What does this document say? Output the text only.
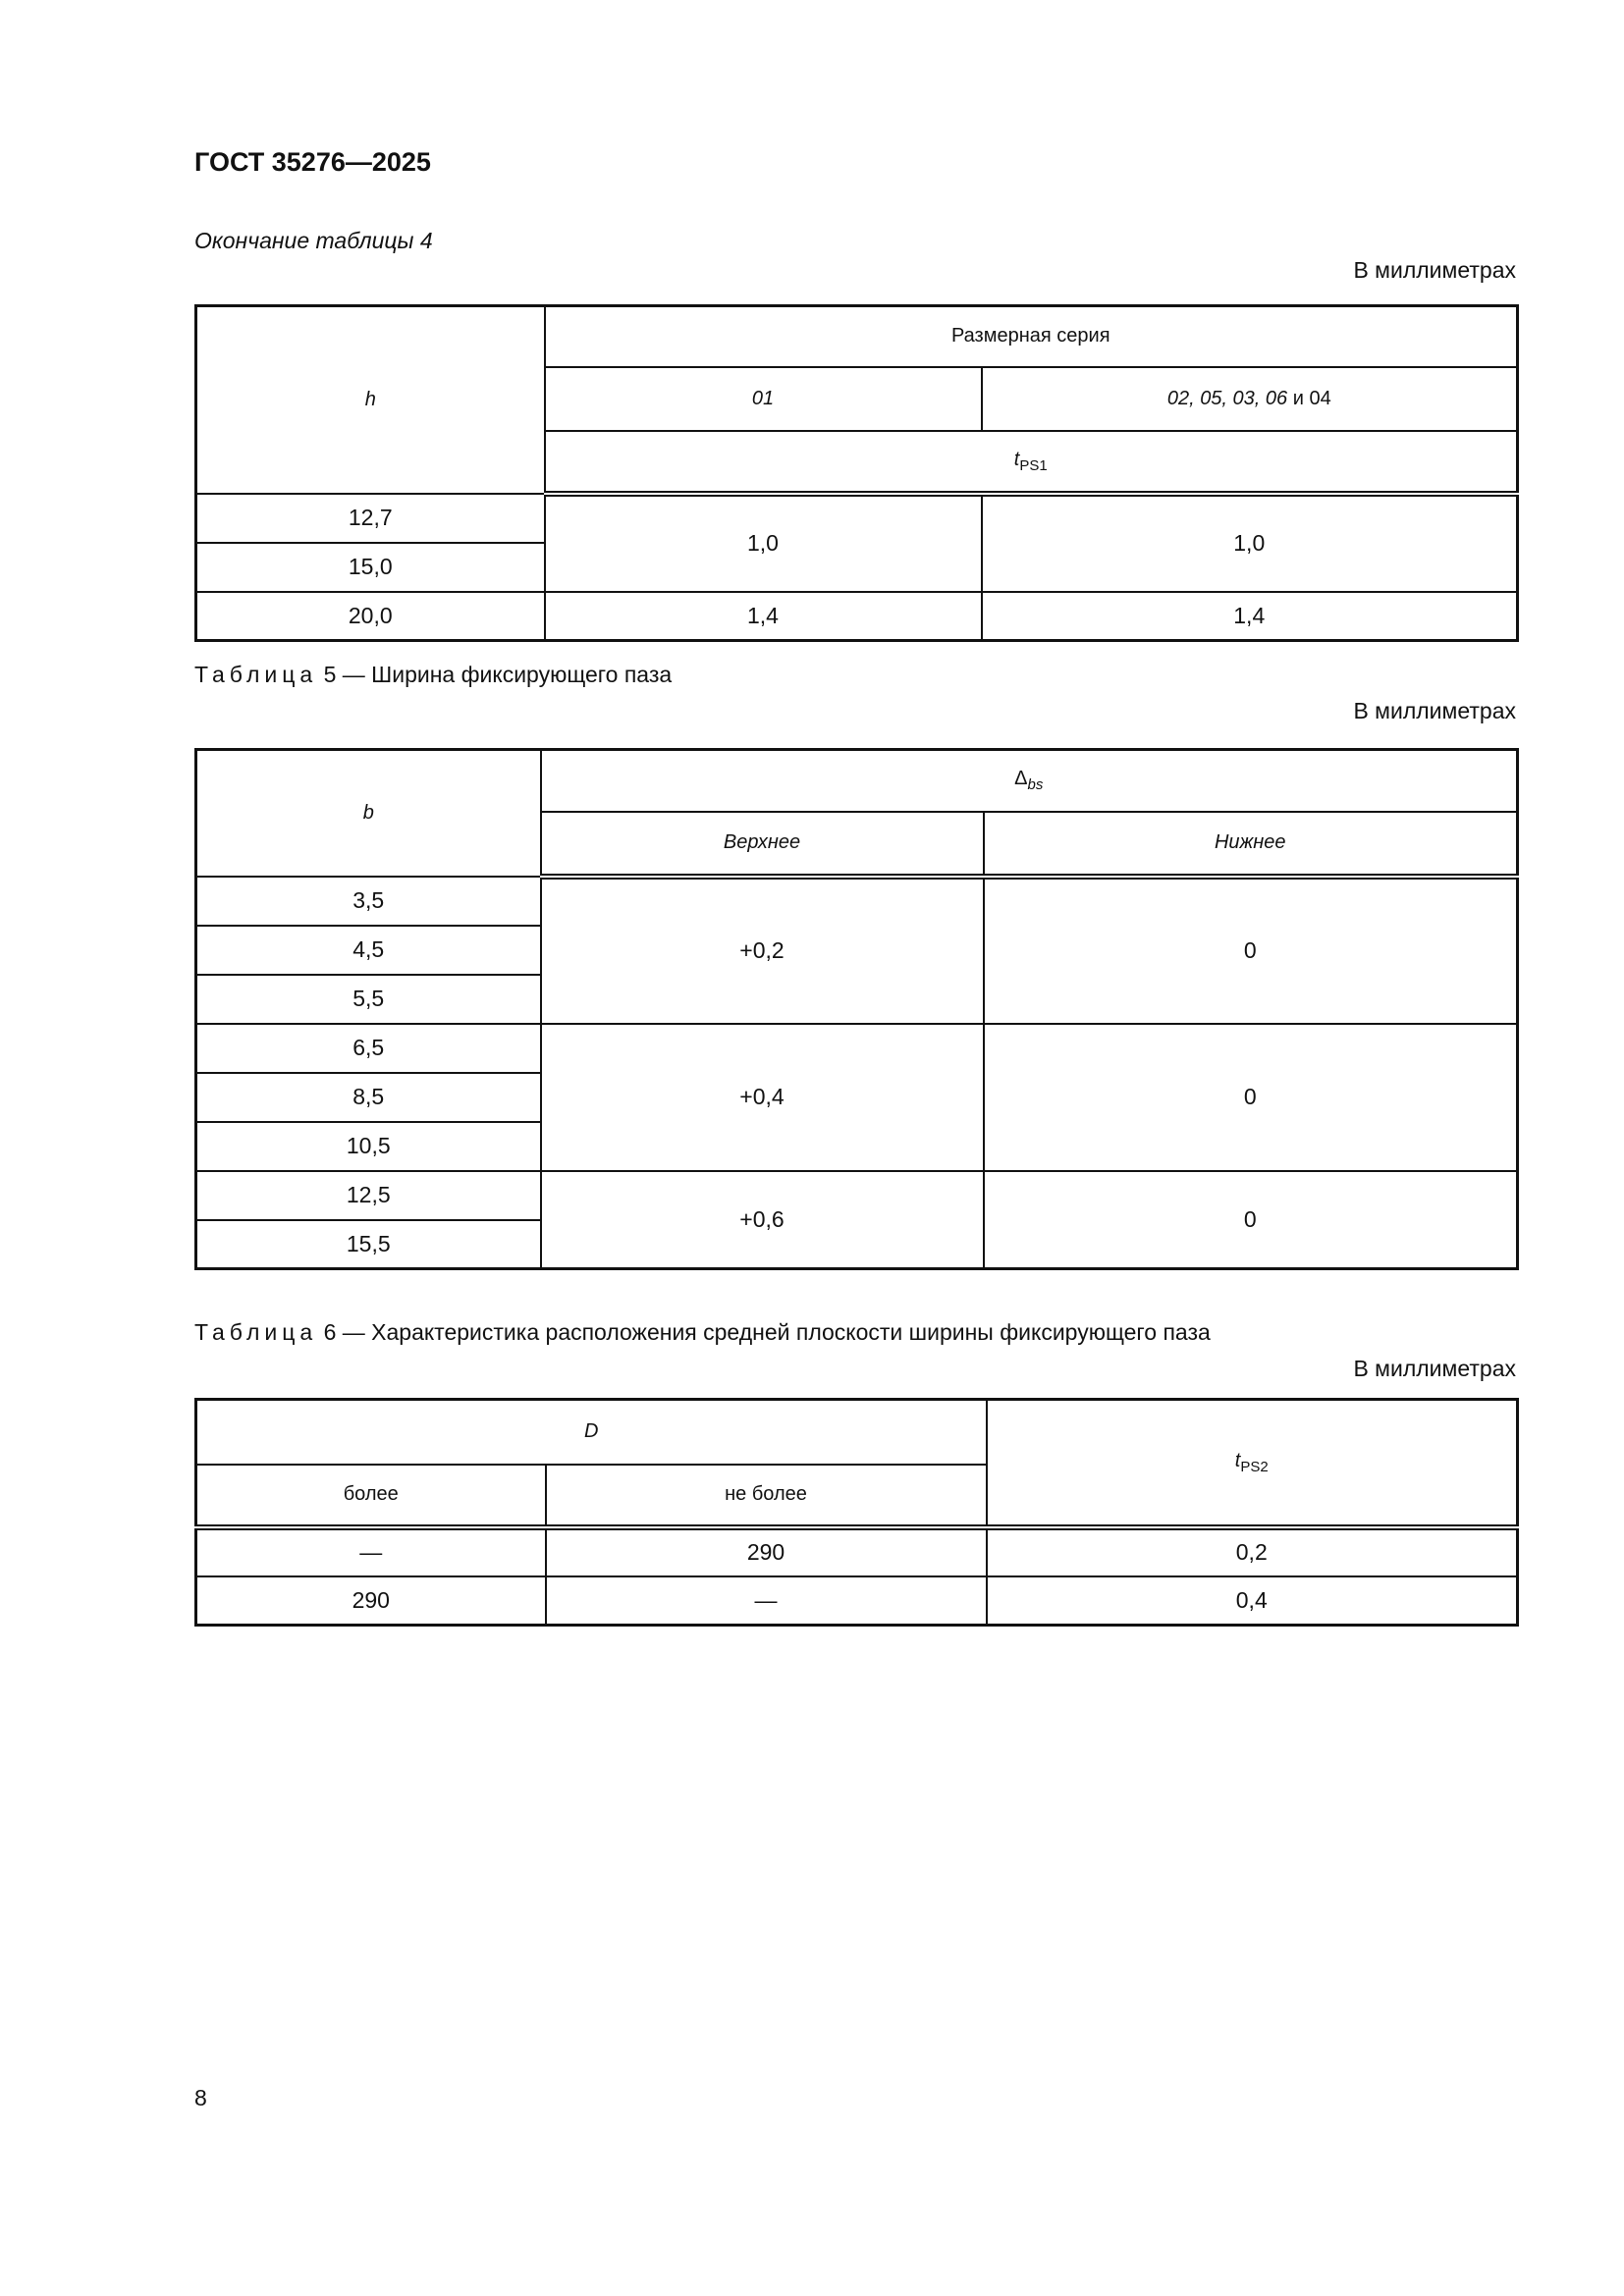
ГОСТ 35276—2025
Окончание таблицы 4
В миллиметрах
h	Размерная серия	
	01	02, 05, 03, 06 и 04
	$t_{PS1}$
12,7	1,0	1,0
15,0		
20,0	1,4	1,4
Таблица 5 — Ширина фиксирующего паза
В миллиметрах
b	$\Delta_{bs}$
	Верхнее	Нижнее
3,5	+0,2	0
4,5		
5,5		
6,5	+0,4	0
8,5		
10,5		
12,5	+0,6	0
15,5		
Таблица 6 — Характеристика расположения средней плоскости ширины фиксирующего паза
В миллиметрах
D		$t_{PS2}$
более	не более	
—	290	0,2
290	—	0,4
8
